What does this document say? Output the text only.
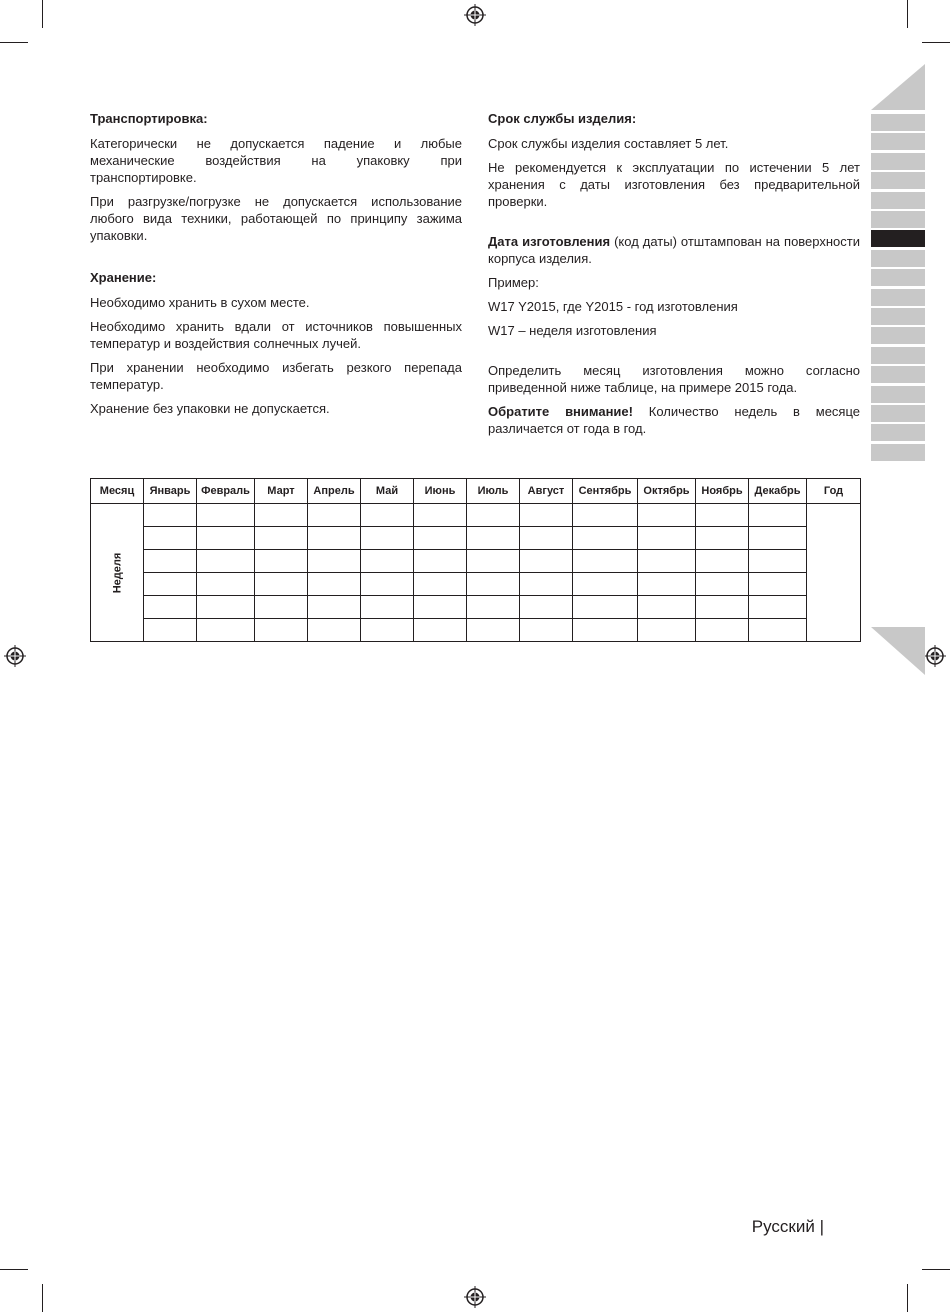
Транспортировка:
Категорически не допускается падение и любые механические воздействия на упаковку при транспортировке.
При разгрузке/погрузке не допускается использование любого вида техники, работающей по принципу зажима упаковки.
Хранение:
Необходимо хранить в сухом месте.
Необходимо хранить вдали от источников повышенных температур и воздействия солнечных лучей.
При хранении необходимо избегать резкого перепада температур.
Хранение без упаковки не допускается.
Срок службы изделия:
Срок службы изделия составляет 5 лет.
Не рекомендуется к эксплуатации по истечении 5 лет хранения с даты изготовления без предварительной проверки.
Дата изготовления (код даты) отштампован на поверхности корпуса изделия.
Пример:
W17 Y2015, где Y2015 - год изготовления
W17 – неделя изготовления
Определить месяц изготовления можно согласно приведенной ниже таблице, на примере 2015 года.
Обратите внимание! Количество недель в месяце различается от года в год.
Месяц	Январь	Февраль	Март	Апрель	Май	Июнь	Июль	Август	Сентябрь	Октябрь	Ноябрь	Декабрь	Год
Неделя													

Русский |
